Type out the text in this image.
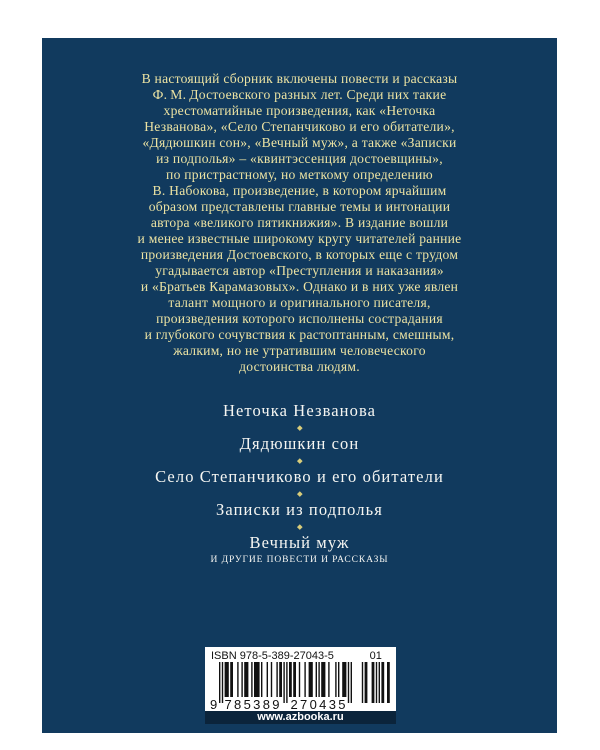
В настоящий сборник включены повести и рассказы
Ф. М. Достоевского разных лет. Среди них такие
хрестоматийные произведения, как «Неточка
Незванова», «Село Степанчиково и его обитатели»,
«Дядюшкин сон», «Вечный муж», а также «Записки
из подполья» – «квинтэссенция достоевщины»,
по пристрастному, но меткому определению
В. Набокова, произведение, в котором ярчайшим
образом представлены главные темы и интонации
автора «великого пятикнижия». В издание вошли
и менее известные широкому кругу читателей ранние
произведения Достоевского, в которых еще с трудом
угадывается автор «Преступления и наказания»
и «Братьев Карамазовых». Однако и в них уже явлен
талант мощного и оригинального писателя,
произведения которого исполнены сострадания
и глубокого сочувствия к растоптанным, смешным,
жалким, но не утратившим человеческого
достоинства людям.
Неточка Незванова
Дядюшкин сон
Село Степанчиково и его обитатели
Записки из подполья
Вечный муж
И ДРУГИЕ ПОВЕСТИ И РАССКАЗЫ
ISBN 978-5-389-27043-5	01
9 785389 270435
www.azbooka.ru
